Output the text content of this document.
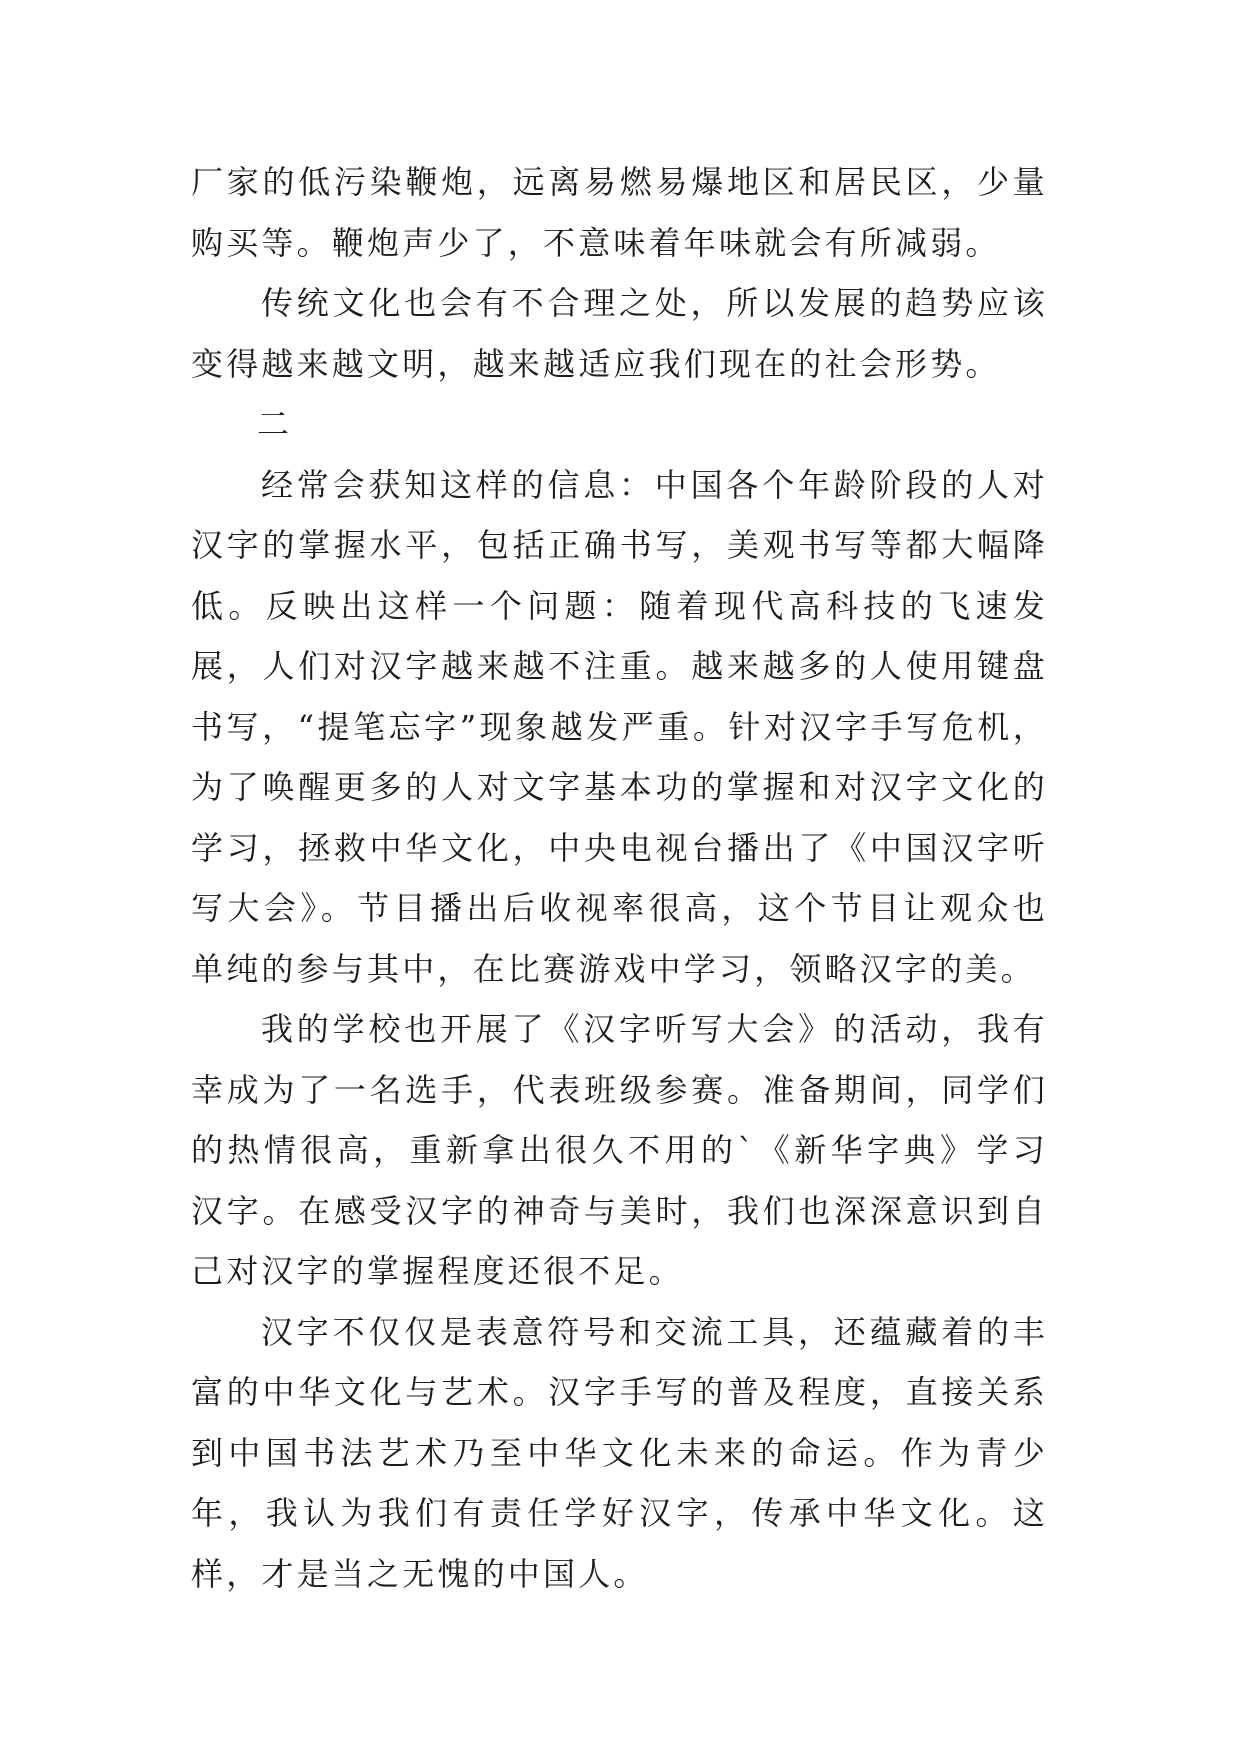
厂家的低污染鞭炮，远离易燃易爆地区和居民区，少量购买等。鞭炮声少了，不意味着年味就会有所减弱。

传统文化也会有不合理之处，所以发展的趋势应该变得越来越文明，越来越适应我们现在的社会形势。

二

经常会获知这样的信息：中国各个年龄阶段的人对汉字的掌握水平，包括正确书写，美观书写等都大幅降低。反映出这样一个问题：随着现代高科技的飞速发展，人们对汉字越来越不注重。越来越多的人使用键盘书写，“提笔忘字”现象越发严重。针对汉字手写危机，为了唤醒更多的人对文字基本功的掌握和对汉字文化的学习，拯救中华文化，中央电视台播出了《中国汉字听写大会》。节目播出后收视率很高，这个节目让观众也单纯的参与其中，在比赛游戏中学习，领略汉字的美。

我的学校也开展了《汉字听写大会》的活动，我有幸成为了一名选手，代表班级参赛。准备期间，同学们的热情很高，重新拿出很久不用的`《新华字典》学习汉字。在感受汉字的神奇与美时，我们也深深意识到自己对汉字的掌握程度还很不足。

汉字不仅仅是表意符号和交流工具，还蕴藏着的丰富的中华文化与艺术。汉字手写的普及程度，直接关系到中国书法艺术乃至中华文化未来的命运。作为青少年，我认为我们有责任学好汉字，传承中华文化。这样，才是当之无愧的中国人。
